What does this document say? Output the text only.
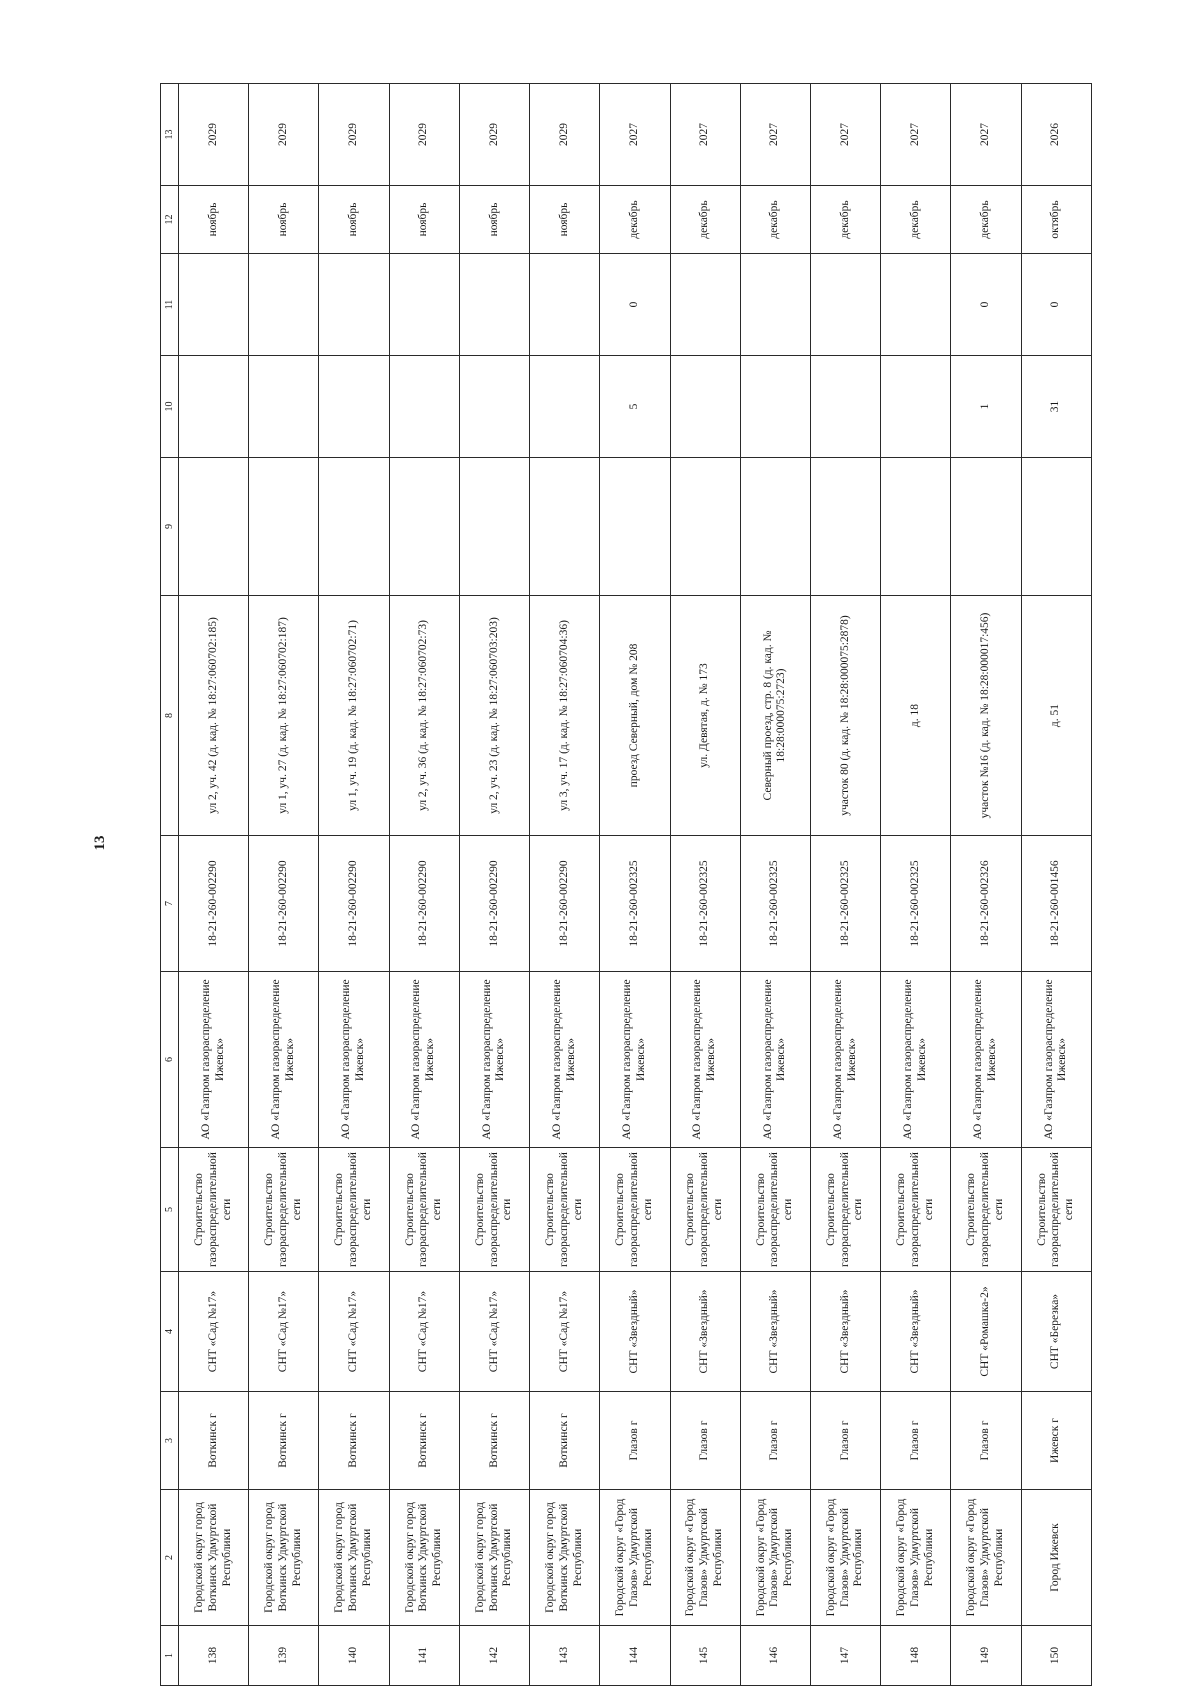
13
1	2	3	4	5	6	7	8	9	10	11	12	13
138	Городской округ город Воткинск Удмуртской Республики	Воткинск г	СНТ «Сад №17»	Строительство газораспределительной сети	АО «Газпром газораспределение Ижевск»	18-21-260-002290	ул 2, уч. 42 (д. кад. № 18:27:060702:185)				ноябрь	2029
139	Городской округ город Воткинск Удмуртской Республики	Воткинск г	СНТ «Сад №17»	Строительство газораспределительной сети	АО «Газпром газораспределение Ижевск»	18-21-260-002290	ул 1, уч. 27 (д. кад. № 18:27:060702:187)				ноябрь	2029
140	Городской округ город Воткинск Удмуртской Республики	Воткинск г	СНТ «Сад №17»	Строительство газораспределительной сети	АО «Газпром газораспределение Ижевск»	18-21-260-002290	ул 1, уч. 19 (д. кад. № 18:27:060702:71)				ноябрь	2029
141	Городской округ город Воткинск Удмуртской Республики	Воткинск г	СНТ «Сад №17»	Строительство газораспределительной сети	АО «Газпром газораспределение Ижевск»	18-21-260-002290	ул 2, уч. 36 (д. кад. № 18:27:060702:73)				ноябрь	2029
142	Городской округ город Воткинск Удмуртской Республики	Воткинск г	СНТ «Сад №17»	Строительство газораспределительной сети	АО «Газпром газораспределение Ижевск»	18-21-260-002290	ул 2, уч. 23 (д. кад. № 18:27:060703:203)				ноябрь	2029
143	Городской округ город Воткинск Удмуртской Республики	Воткинск г	СНТ «Сад №17»	Строительство газораспределительной сети	АО «Газпром газораспределение Ижевск»	18-21-260-002290	ул 3, уч. 17 (д. кад. № 18:27:060704:36)				ноябрь	2029
144	Городской округ «Город Глазов» Удмуртской Республики	Глазов г	СНТ «Звездный»	Строительство газораспределительной сети	АО «Газпром газораспределение Ижевск»	18-21-260-002325	проезд Северный, дом № 208		5	0	декабрь	2027
145	Городской округ «Город Глазов» Удмуртской Республики	Глазов г	СНТ «Звездный»	Строительство газораспределительной сети	АО «Газпром газораспределение Ижевск»	18-21-260-002325	ул. Девятая, д. № 173				декабрь	2027
146	Городской округ «Город Глазов» Удмуртской Республики	Глазов г	СНТ «Звездный»	Строительство газораспределительной сети	АО «Газпром газораспределение Ижевск»	18-21-260-002325	Северный проезд, стр. 8 (д. кад. № 18:28:000075:2723)				декабрь	2027
147	Городской округ «Город Глазов» Удмуртской Республики	Глазов г	СНТ «Звездный»	Строительство газораспределительной сети	АО «Газпром газораспределение Ижевск»	18-21-260-002325	участок 80 (д. кад. № 18:28:000075:2878)				декабрь	2027
148	Городской округ «Город Глазов» Удмуртской Республики	Глазов г	СНТ «Звездный»	Строительство газораспределительной сети	АО «Газпром газораспределение Ижевск»	18-21-260-002325	д. 18				декабрь	2027
149	Городской округ «Город Глазов» Удмуртской Республики	Глазов г	СНТ «Ромашка-2»	Строительство газораспределительной сети	АО «Газпром газораспределение Ижевск»	18-21-260-002326	участок №16 (д. кад. № 18:28:000017:456)		1	0	декабрь	2027
150	Город Ижевск	Ижевск г	СНТ «Березка»	Строительство газораспределительной сети	АО «Газпром газораспределение Ижевск»	18-21-260-001456	д. 51		31	0	октябрь	2026
